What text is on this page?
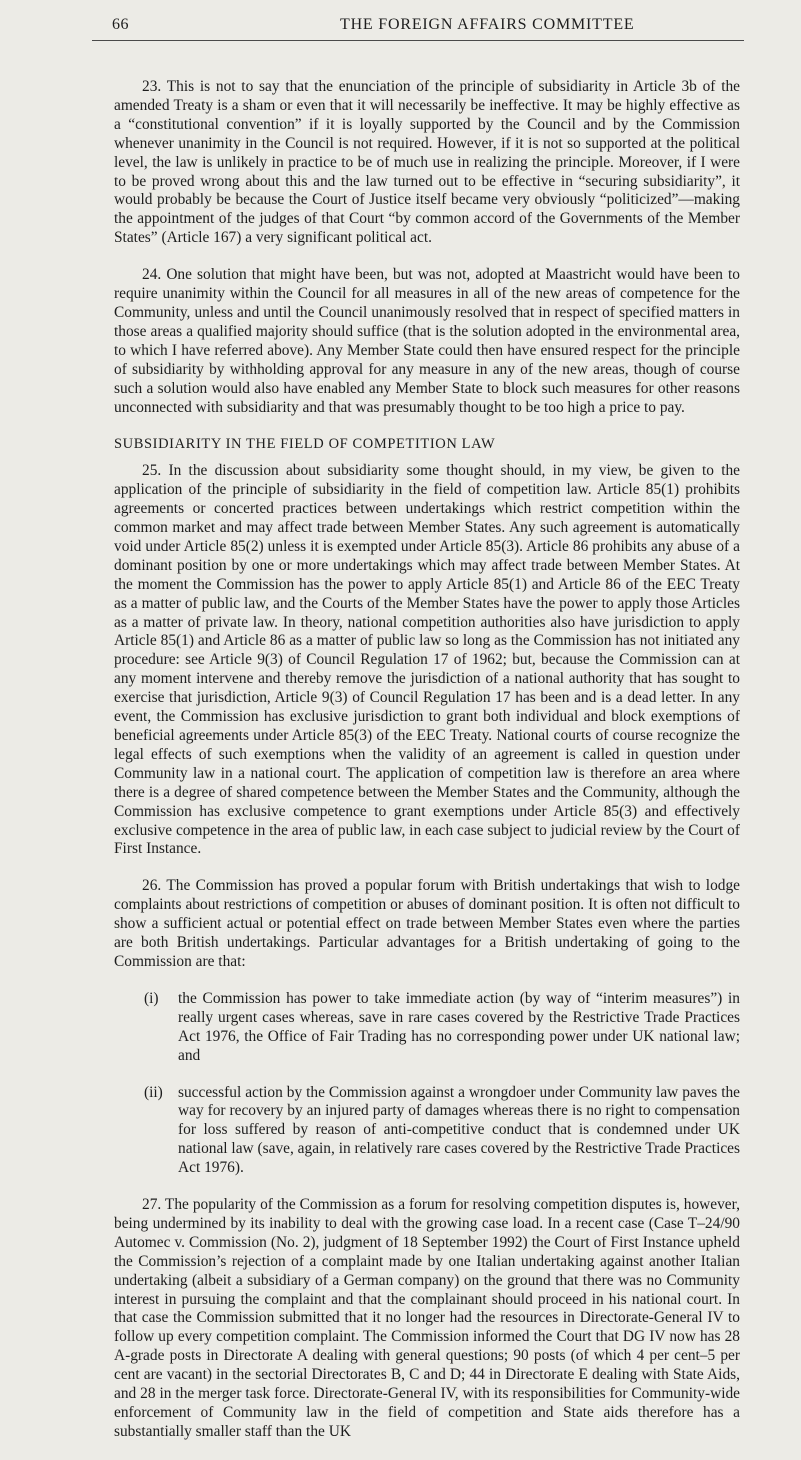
66	THE FOREIGN AFFAIRS COMMITTEE

23. This is not to say that the enunciation of the principle of subsidiarity in Article 3b of the amended Treaty is a sham or even that it will necessarily be ineffective. It may be highly effective as a “constitutional convention” if it is loyally supported by the Council and by the Commission whenever unanimity in the Council is not required. However, if it is not so supported at the political level, the law is unlikely in practice to be of much use in realizing the principle. Moreover, if I were to be proved wrong about this and the law turned out to be effective in “securing subsidiarity”, it would probably be because the Court of Justice itself became very obviously “politicized”—making the appointment of the judges of that Court “by common accord of the Governments of the Member States” (Article 167) a very significant political act.

24. One solution that might have been, but was not, adopted at Maastricht would have been to require unanimity within the Council for all measures in all of the new areas of competence for the Community, unless and until the Council unanimously resolved that in respect of specified matters in those areas a qualified majority should suffice (that is the solution adopted in the environmental area, to which I have referred above). Any Member State could then have ensured respect for the principle of subsidiarity by withholding approval for any measure in any of the new areas, though of course such a solution would also have enabled any Member State to block such measures for other reasons unconnected with subsidiarity and that was presumably thought to be too high a price to pay.

SUBSIDIARITY IN THE FIELD OF COMPETITION LAW

25. In the discussion about subsidiarity some thought should, in my view, be given to the application of the principle of subsidiarity in the field of competition law. Article 85(1) prohibits agreements or concerted practices between undertakings which restrict competition within the common market and may affect trade between Member States. Any such agreement is automatically void under Article 85(2) unless it is exempted under Article 85(3). Article 86 prohibits any abuse of a dominant position by one or more undertakings which may affect trade between Member States. At the moment the Commission has the power to apply Article 85(1) and Article 86 of the EEC Treaty as a matter of public law, and the Courts of the Member States have the power to apply those Articles as a matter of private law. In theory, national competition authorities also have jurisdiction to apply Article 85(1) and Article 86 as a matter of public law so long as the Commission has not initiated any procedure: see Article 9(3) of Council Regulation 17 of 1962; but, because the Commission can at any moment intervene and thereby remove the jurisdiction of a national authority that has sought to exercise that jurisdiction, Article 9(3) of Council Regulation 17 has been and is a dead letter. In any event, the Commission has exclusive jurisdiction to grant both individual and block exemptions of beneficial agreements under Article 85(3) of the EEC Treaty. National courts of course recognize the legal effects of such exemptions when the validity of an agreement is called in question under Community law in a national court. The application of competition law is therefore an area where there is a degree of shared competence between the Member States and the Community, although the Commission has exclusive competence to grant exemptions under Article 85(3) and effectively exclusive competence in the area of public law, in each case subject to judicial review by the Court of First Instance.

26. The Commission has proved a popular forum with British undertakings that wish to lodge complaints about restrictions of competition or abuses of dominant position. It is often not difficult to show a sufficient actual or potential effect on trade between Member States even where the parties are both British undertakings. Particular advantages for a British undertaking of going to the Commission are that:

(i)	the Commission has power to take immediate action (by way of “interim measures”) in really urgent cases whereas, save in rare cases covered by the Restrictive Trade Practices Act 1976, the Office of Fair Trading has no corresponding power under UK national law; and
(ii) successful action by the Commission against a wrongdoer under Community law paves the way for recovery by an injured party of damages whereas there is no right to compensation for loss suffered by reason of anti-competitive conduct that is condemned under UK national law (save, again, in relatively rare cases covered by the Restrictive Trade Practices Act 1976).

27. The popularity of the Commission as a forum for resolving competition disputes is, however, being undermined by its inability to deal with the growing case load. In a recent case (Case T–24/90 Automec v. Commission (No. 2), judgment of 18 September 1992) the Court of First Instance upheld the Commission’s rejection of a complaint made by one Italian undertaking against another Italian undertaking (albeit a subsidiary of a German company) on the ground that there was no Community interest in pursuing the complaint and that the complainant should proceed in his national court. In that case the Commission submitted that it no longer had the resources in Directorate-General IV to follow up every competition complaint. The Commission informed the Court that DG IV now has 28 A-grade posts in Directorate A dealing with general questions; 90 posts (of which 4 per cent–5 per cent are vacant) in the sectorial Directorates B, C and D; 44 in Directorate E dealing with State Aids, and 28 in the merger task force. Directorate-General IV, with its responsibilities for Community-wide enforcement of Community law in the field of competition and State aids therefore has a substantially smaller staff than the UK
